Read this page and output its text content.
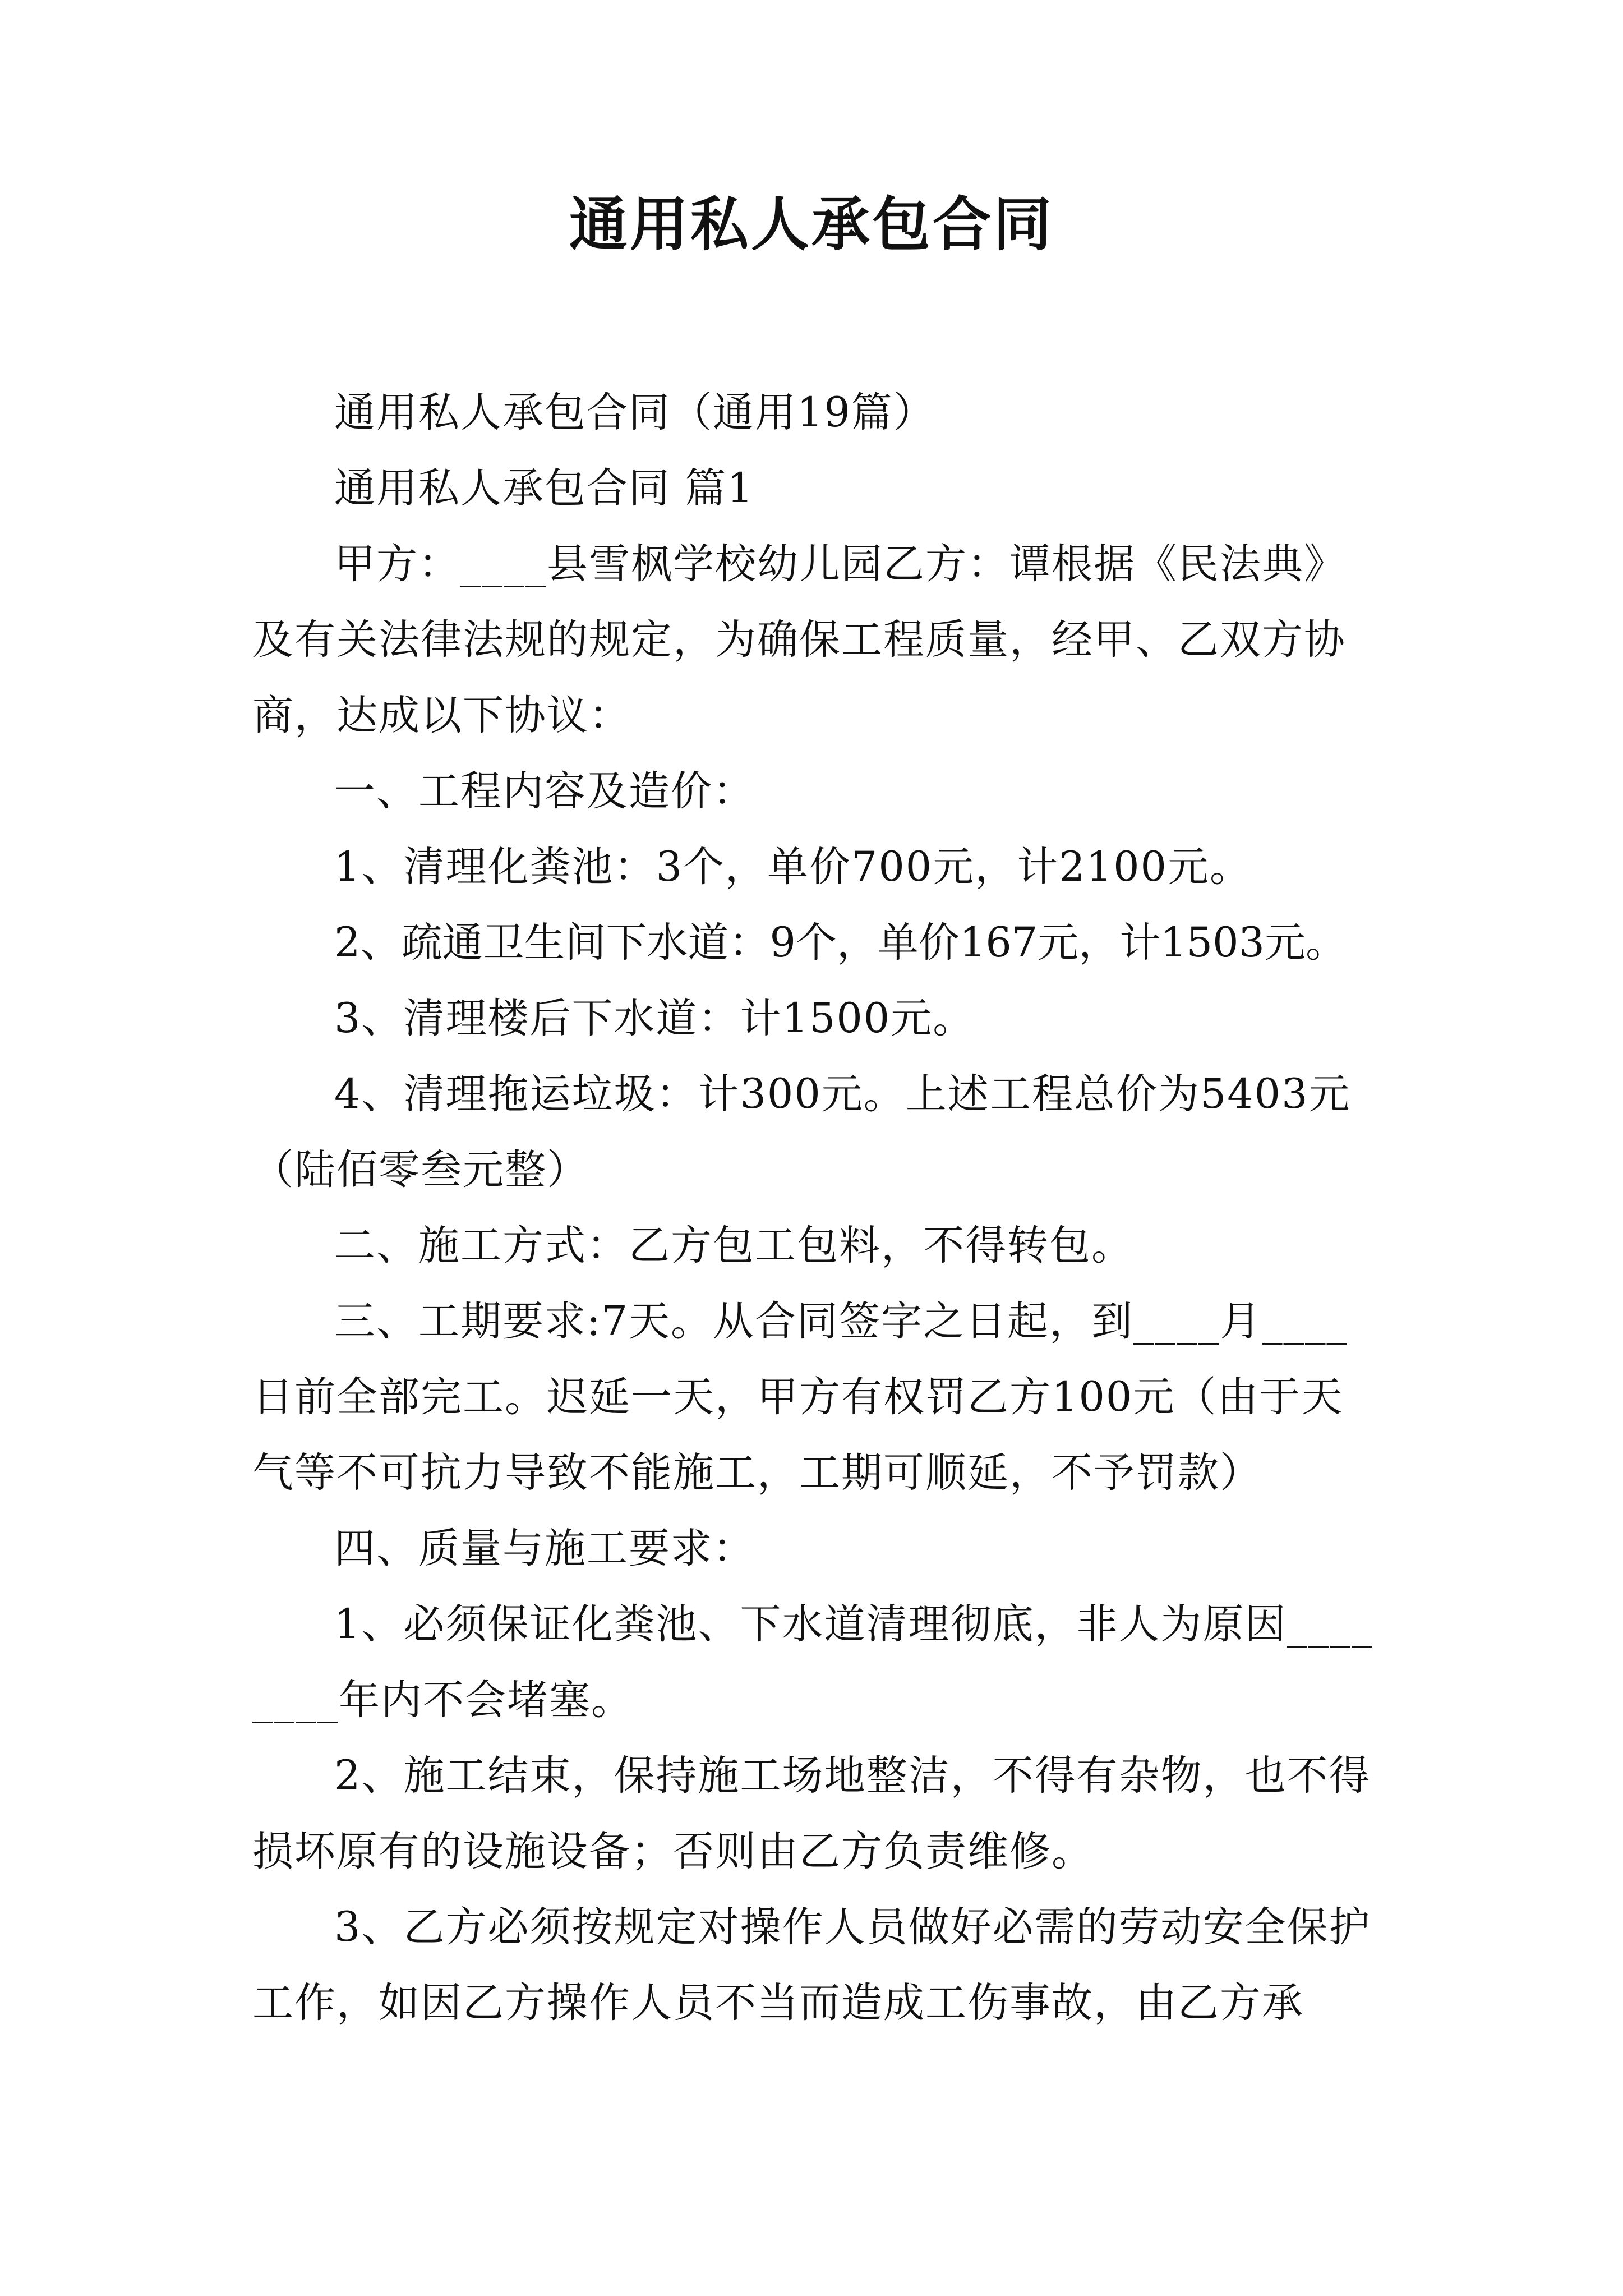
通用私人承包合同

通用私人承包合同（通用19篇）

通用私人承包合同 篇1

甲方：____县雪枫学校幼儿园乙方：谭根据《民法典》及有关法律法规的规定，为确保工程质量，经甲、乙双方协商，达成以下协议：

一、工程内容及造价：

1、清理化粪池：3个，单价700元，计2100元。

2、疏通卫生间下水道：9个，单价167元，计1503元。

3、清理楼后下水道：计1500元。

4、清理拖运垃圾：计300元。上述工程总价为5403元（陆佰零叁元整）

二、施工方式：乙方包工包料，不得转包。

三、工期要求:7天。从合同签字之日起，到____月____日前全部完工。迟延一天，甲方有权罚乙方100元（由于天气等不可抗力导致不能施工，工期可顺延，不予罚款）

四、质量与施工要求：

1、必须保证化粪池、下水道清理彻底，非人为原因________年内不会堵塞。

2、施工结束，保持施工场地整洁，不得有杂物，也不得损坏原有的设施设备；否则由乙方负责维修。

3、乙方必须按规定对操作人员做好必需的劳动安全保护工作，如因乙方操作人员不当而造成工伤事故，由乙方承
